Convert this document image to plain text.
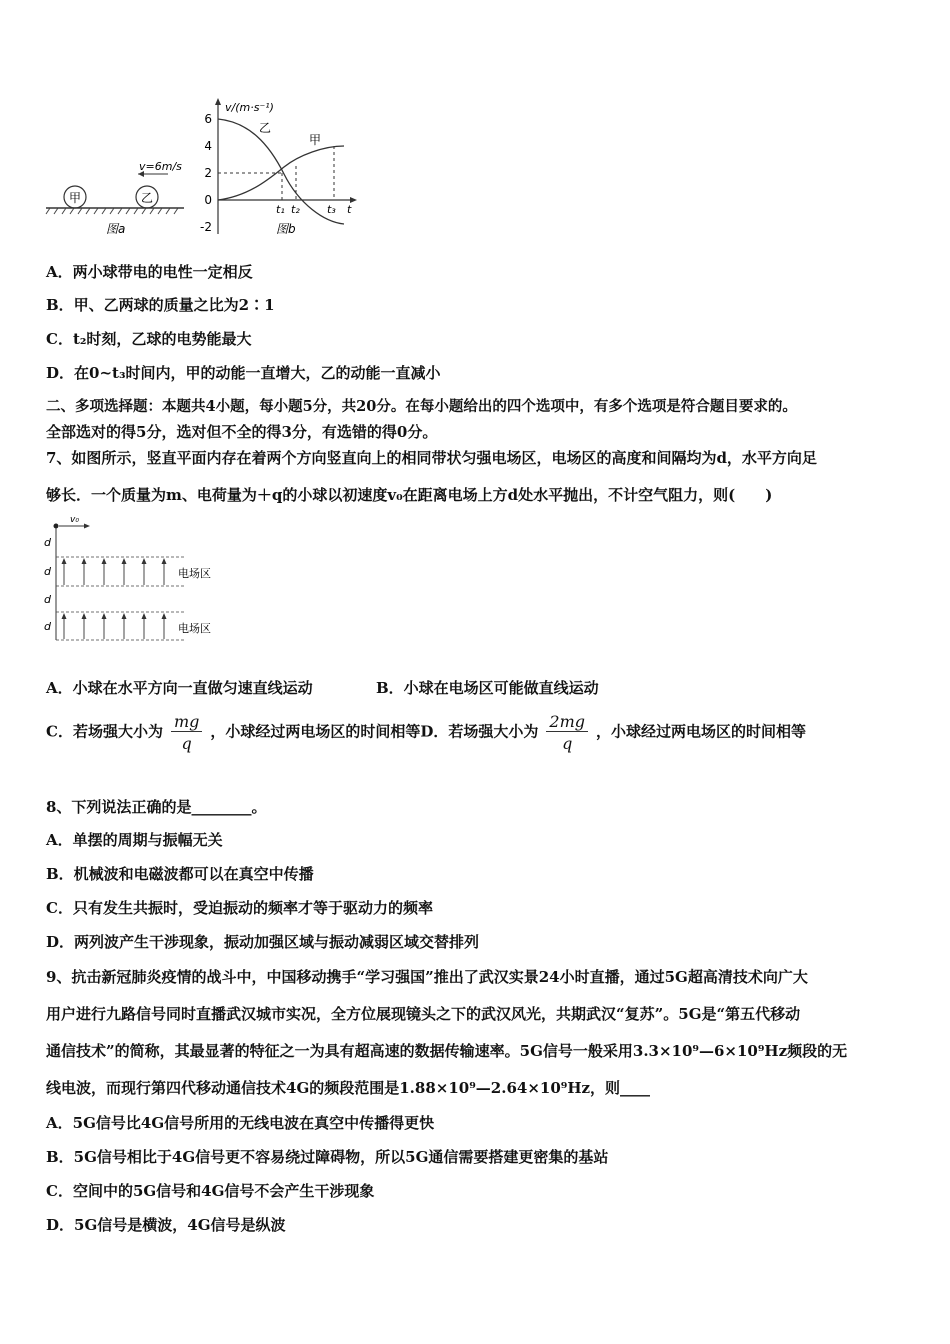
甲	乙
v=6m/s
图a
v/(m·s⁻¹)
6
4
2
0
-2
乙
甲
t₁ t₂ t₃ t
图b
A．两小球带电的电性一定相反
B．甲、乙两球的质量之比为2∶1
C．t₂时刻，乙球的电势能最大
D．在0~t₃时间内，甲的动能一直增大，乙的动能一直减小
二、多项选择题：本题共4小题，每小题5分，共20分。在每小题给出的四个选项中，有多个选项是符合题目要求的。
全部选对的得5分，选对但不全的得3分，有选错的得0分。
7、如图所示，竖直平面内存在着两个方向竖直向上的相同带状匀强电场区，电场区的高度和间隔均为d，水平方向足
够长．一个质量为m、电荷量为＋q的小球以初速度v₀在距离电场上方d处水平抛出，不计空气阻力，则(　　)
v₀
d
d
d
d
电场区
电场区
A．小球在水平方向一直做匀速直线运动	B．小球在电场区可能做直线运动
C．若场强大小为 $\frac{mg}{q}$ ，小球经过两电场区的时间相等D．若场强大小为 $\frac{2mg}{q}$ ，小球经过两电场区的时间相等
8、下列说法正确的是________。
A．单摆的周期与振幅无关
B．机械波和电磁波都可以在真空中传播
C．只有发生共振时，受迫振动的频率才等于驱动力的频率
D．两列波产生干涉现象，振动加强区域与振动减弱区域交替排列
9、抗击新冠肺炎疫情的战斗中，中国移动携手“学习强国”推出了武汉实景24小时直播，通过5G超高清技术向广大
用户进行九路信号同时直播武汉城市实况，全方位展现镜头之下的武汉风光，共期武汉“复苏”。5G是“第五代移动
通信技术”的简称，其最显著的特征之一为具有超高速的数据传输速率。5G信号一般采用3.3×10⁹—6×10⁹Hz频段的无
线电波，而现行第四代移动通信技术4G的频段范围是1.88×10⁹—2.64×10⁹Hz，则____
A．5G信号比4G信号所用的无线电波在真空中传播得更快
B．5G信号相比于4G信号更不容易绕过障碍物，所以5G通信需要搭建更密集的基站
C．空间中的5G信号和4G信号不会产生干涉现象
D．5G信号是横波，4G信号是纵波
